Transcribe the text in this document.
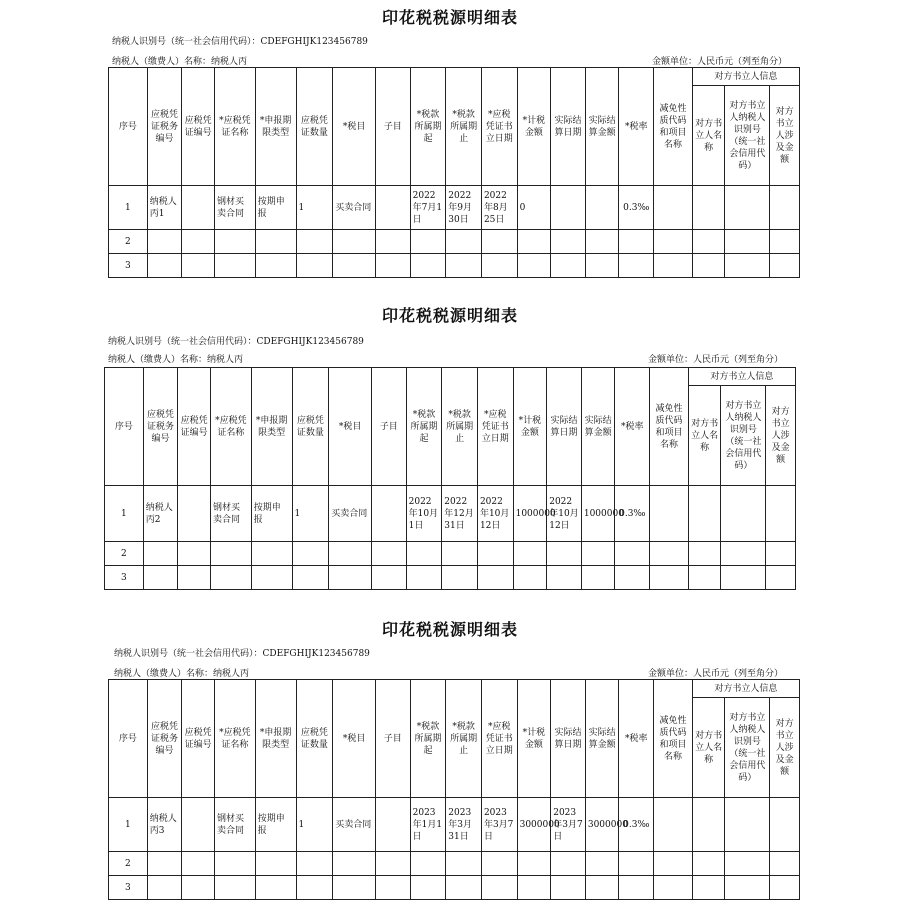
印花税税源明细表
纳税人识别号（统一社会信用代码）：CDEFGHIJK123456789
纳税人（缴费人）名称：纳税人丙	金额单位：人民币元（列至角分）
序号	应税凭证税务编号	应税凭证编号	*应税凭证名称	*申报期限类型	应税凭证数量	*税目	子目	*税款所属期起	*税款所属期止	*应税凭证书立日期	*计税金额	实际结算日期	实际结算金额	*税率	减免性质代码和项目名称	对方书立人信息		
																对方书立人名称	对方书立人纳税人识别号（统一社会信用代码）	对方书立人涉及金额
1	纳税人丙1		钢材买卖合同	按期申报	1	买卖合同		2022年7月1日	2022年9月30日	2022年8月25日	0			0.3‰				
2																		
3																		
印花税税源明细表
纳税人识别号（统一社会信用代码）：CDEFGHIJK123456789
纳税人（缴费人）名称：纳税人丙	金额单位：人民币元（列至角分）
序号	应税凭证税务编号	应税凭证编号	*应税凭证名称	*申报期限类型	应税凭证数量	*税目	子目	*税款所属期起	*税款所属期止	*应税凭证书立日期	*计税金额	实际结算日期	实际结算金额	*税率	减免性质代码和项目名称	对方书立人信息		
																对方书立人名称	对方书立人纳税人识别号（统一社会信用代码）	对方书立人涉及金额
1	纳税人丙2		钢材买卖合同	按期申报	1	买卖合同		2022年10月1日	2022年12月31日	2022年10月12日	1000000	2022年10月12日	1000000	0.3‰				
2																		
3																		
印花税税源明细表
纳税人识别号（统一社会信用代码）：CDEFGHIJK123456789
纳税人（缴费人）名称：纳税人丙	金额单位：人民币元（列至角分）
序号	应税凭证税务编号	应税凭证编号	*应税凭证名称	*申报期限类型	应税凭证数量	*税目	子目	*税款所属期起	*税款所属期止	*应税凭证书立日期	*计税金额	实际结算日期	实际结算金额	*税率	减免性质代码和项目名称	对方书立人信息		
																对方书立人名称	对方书立人纳税人识别号（统一社会信用代码）	对方书立人涉及金额
1	纳税人丙3		钢材买卖合同	按期申报	1	买卖合同		2023年1月1日	2023年3月31日	2023年3月7日	3000000	2023年3月7日	3000000	0.3‰				
2																		
3																		
